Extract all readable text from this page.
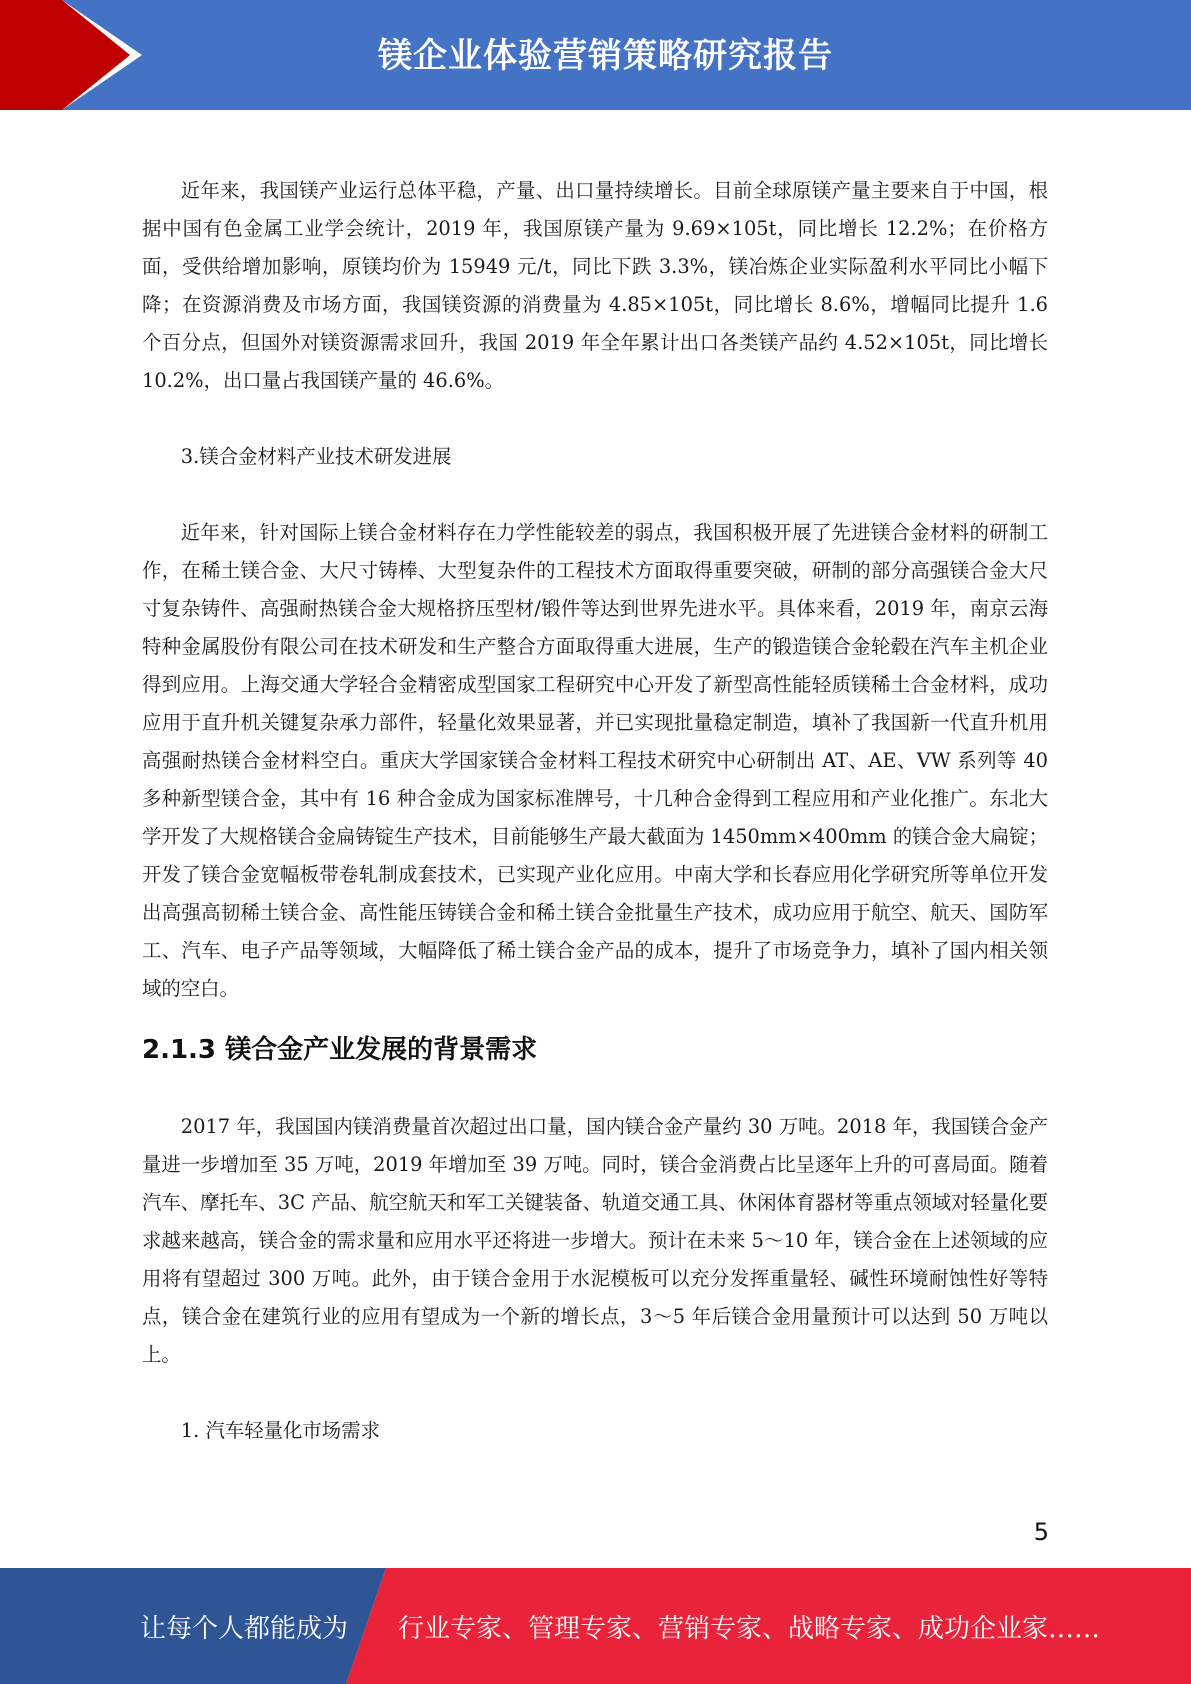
镁企业体验营销策略研究报告

近年来，我国镁产业运行总体平稳，产量、出口量持续增长。目前全球原镁产量主要来自于中国，根据中国有色金属工业学会统计，2019 年，我国原镁产量为 9.69×105t，同比增长 12.2%；在价格方面，受供给增加影响，原镁均价为 15949 元/t，同比下跌 3.3%，镁冶炼企业实际盈利水平同比小幅下降；在资源消费及市场方面，我国镁资源的消费量为 4.85×105t，同比增长 8.6%，增幅同比提升 1.6 个百分点，但国外对镁资源需求回升，我国 2019 年全年累计出口各类镁产品约 4.52×105t，同比增长 10.2%，出口量占我国镁产量的 46.6%。

3.镁合金材料产业技术研发进展

近年来，针对国际上镁合金材料存在力学性能较差的弱点，我国积极开展了先进镁合金材料的研制工作，在稀土镁合金、大尺寸铸棒、大型复杂件的工程技术方面取得重要突破，研制的部分高强镁合金大尺寸复杂铸件、高强耐热镁合金大规格挤压型材/锻件等达到世界先进水平。具体来看，2019 年，南京云海特种金属股份有限公司在技术研发和生产整合方面取得重大进展，生产的锻造镁合金轮毂在汽车主机企业得到应用。上海交通大学轻合金精密成型国家工程研究中心开发了新型高性能轻质镁稀土合金材料，成功应用于直升机关键复杂承力部件，轻量化效果显著，并已实现批量稳定制造，填补了我国新一代直升机用高强耐热镁合金材料空白。重庆大学国家镁合金材料工程技术研究中心研制出 AT、AE、VW 系列等 40 多种新型镁合金，其中有 16 种合金成为国家标准牌号，十几种合金得到工程应用和产业化推广。东北大学开发了大规格镁合金扁铸锭生产技术，目前能够生产最大截面为 1450mm×400mm 的镁合金大扁锭；开发了镁合金宽幅板带卷轧制成套技术，已实现产业化应用。中南大学和长春应用化学研究所等单位开发出高强高韧稀土镁合金、高性能压铸镁合金和稀土镁合金批量生产技术，成功应用于航空、航天、国防军工、汽车、电子产品等领域，大幅降低了稀土镁合金产品的成本，提升了市场竞争力，填补了国内相关领域的空白。

2.1.3 镁合金产业发展的背景需求

2017 年，我国国内镁消费量首次超过出口量，国内镁合金产量约 30 万吨。2018 年，我国镁合金产量进一步增加至 35 万吨，2019 年增加至 39 万吨。同时，镁合金消费占比呈逐年上升的可喜局面。随着汽车、摩托车、3C 产品、航空航天和军工关键装备、轨道交通工具、休闲体育器材等重点领域对轻量化要求越来越高，镁合金的需求量和应用水平还将进一步增大。预计在未来 5～10 年，镁合金在上述领域的应用将有望超过 300 万吨。此外，由于镁合金用于水泥模板可以充分发挥重量轻、碱性环境耐蚀性好等特点，镁合金在建筑行业的应用有望成为一个新的增长点，3～5 年后镁合金用量预计可以达到 50 万吨以上。

1. 汽车轻量化市场需求

5
让每个人都能成为 行业专家、管理专家、营销专家、战略专家、成功企业家……
